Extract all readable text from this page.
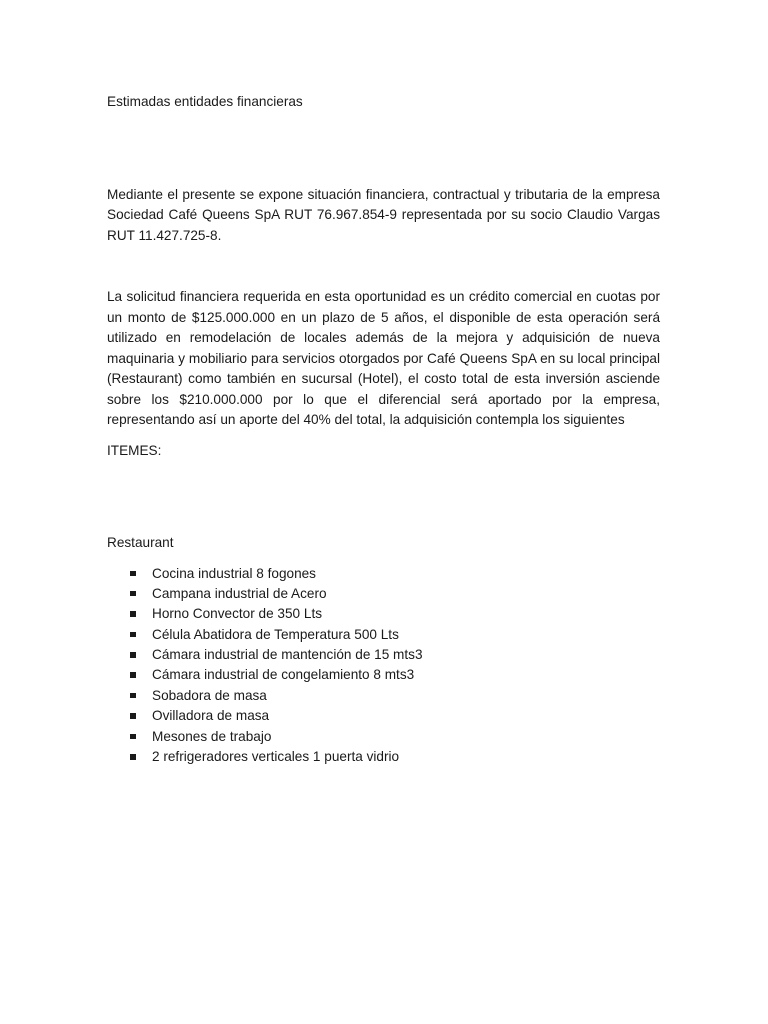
Estimadas entidades financieras

Mediante el presente se expone situación financiera, contractual y tributaria de la empresa Sociedad Café Queens SpA RUT 76.967.854-9 representada por su socio Claudio Vargas RUT 11.427.725-8.

La solicitud financiera requerida en esta oportunidad es un crédito comercial en cuotas por un monto de $125.000.000 en un plazo de 5 años, el disponible de esta operación será utilizado en remodelación de locales además de la mejora y adquisición de nueva maquinaria y mobiliario para servicios otorgados por Café Queens SpA en su local principal (Restaurant) como también en sucursal (Hotel), el costo total de esta inversión asciende sobre los $210.000.000 por lo que el diferencial será aportado por la empresa, representando así un aporte del 40% del total, la adquisición contempla los siguientes

ITEMES:

Restaurant

Cocina industrial 8 fogones
Campana industrial de Acero
Horno Convector de 350 Lts
Célula Abatidora de Temperatura 500 Lts
Cámara industrial de mantención de 15 mts3
Cámara industrial de congelamiento 8 mts3
Sobadora de masa
Ovilladora de masa
Mesones de trabajo
2 refrigeradores verticales 1 puerta vidrio
